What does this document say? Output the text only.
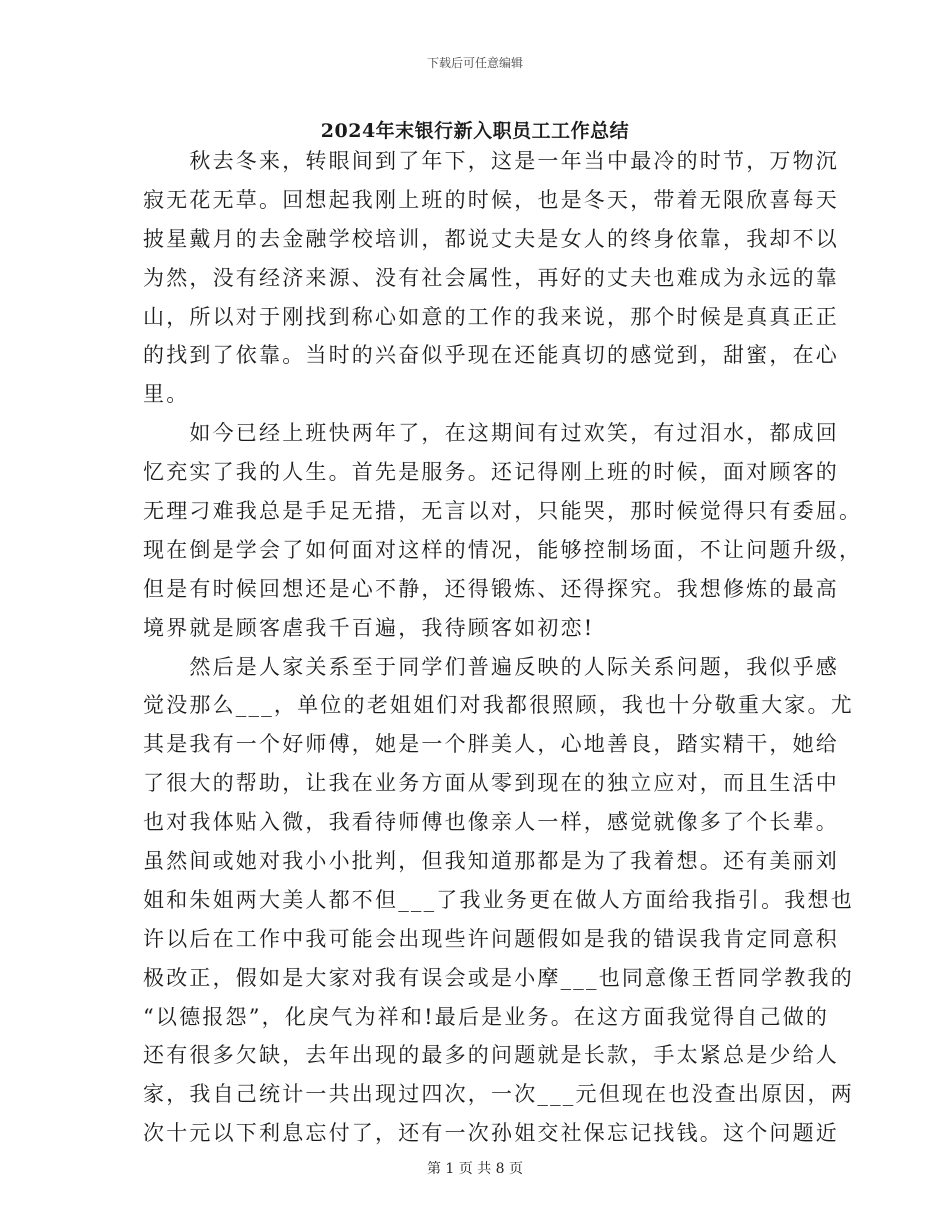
下载后可任意编辑
2024年末银行新入职员工工作总结
　　秋去冬来，转眼间到了年下，这是一年当中最冷的时节，万物沉
寂无花无草。回想起我刚上班的时候，也是冬天，带着无限欣喜每天
披星戴月的去金融学校培训，都说丈夫是女人的终身依靠，我却不以
为然，没有经济来源、没有社会属性，再好的丈夫也难成为永远的靠
山，所以对于刚找到称心如意的工作的我来说，那个时候是真真正正
的找到了依靠。当时的兴奋似乎现在还能真切的感觉到，甜蜜，在心
里。
　　如今已经上班快两年了，在这期间有过欢笑，有过泪水，都成回
忆充实了我的人生。首先是服务。还记得刚上班的时候，面对顾客的
无理刁难我总是手足无措，无言以对，只能哭，那时候觉得只有委屈。
现在倒是学会了如何面对这样的情况，能够控制场面，不让问题升级，
但是有时候回想还是心不静，还得锻炼、还得探究。我想修炼的最高
境界就是顾客虐我千百遍，我待顾客如初恋!
　　然后是人家关系至于同学们普遍反映的人际关系问题，我似乎感
觉没那么___，单位的老姐姐们对我都很照顾，我也十分敬重大家。尤
其是我有一个好师傅，她是一个胖美人，心地善良，踏实精干，她给
了很大的帮助，让我在业务方面从零到现在的独立应对，而且生活中
也对我体贴入微，我看待师傅也像亲人一样，感觉就像多了个长辈。
虽然间或她对我小小批判，但我知道那都是为了我着想。还有美丽刘
姐和朱姐两大美人都不但___了我业务更在做人方面给我指引。我想也
许以后在工作中我可能会出现些许问题假如是我的错误我肯定同意积
极改正，假如是大家对我有误会或是小摩___也同意像王哲同学教我的
“以德报怨”，化戾气为祥和!最后是业务。在这方面我觉得自己做的
还有很多欠缺，去年出现的最多的问题就是长款，手太紧总是少给人
家，我自己统计一共出现过四次，一次___元但现在也没查出原因，两
次十元以下利息忘付了，还有一次孙姐交社保忘记找钱。这个问题近
第 1 页 共 8 页
